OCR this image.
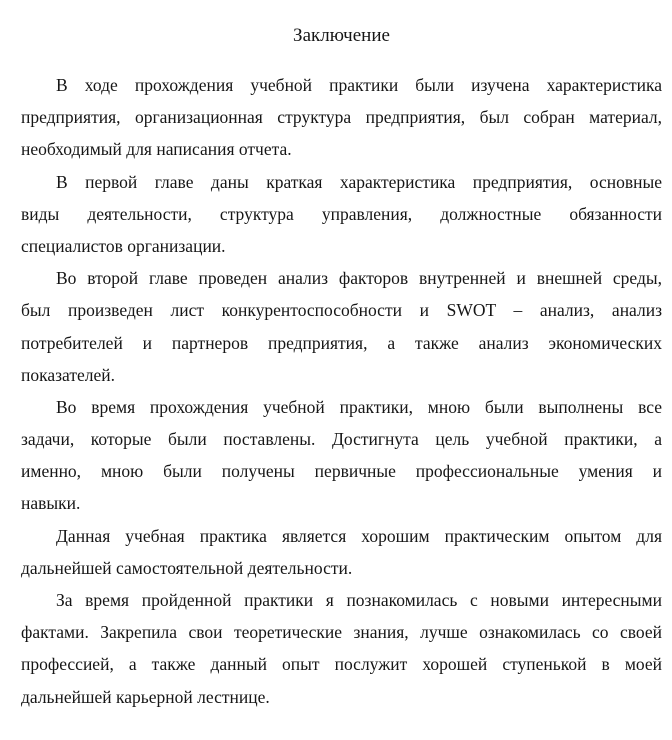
Заключение
В ходе прохождения учебной практики были изучена характеристика
предприятия, организационная структура предприятия, был собран материал,
необходимый для написания отчета.
В первой главе даны краткая характеристика предприятия, основные
виды деятельности, структура управления, должностные обязанности
специалистов организации.
Во второй главе проведен анализ факторов внутренней и внешней среды,
был произведен лист конкурентоспособности и SWOT – анализ, анализ
потребителей и партнеров предприятия, а также анализ экономических
показателей.
Во время прохождения учебной практики, мною были выполнены все
задачи, которые были поставлены. Достигнута цель учебной практики, а
именно, мною были получены первичные профессиональные умения и
навыки.
Данная учебная практика является хорошим практическим опытом для
дальнейшей самостоятельной деятельности.
За время пройденной практики я познакомилась с новыми интересными
фактами. Закрепила свои теоретические знания, лучше ознакомилась со своей
профессией, а также данный опыт послужит хорошей ступенькой в моей
дальнейшей карьерной лестнице.
